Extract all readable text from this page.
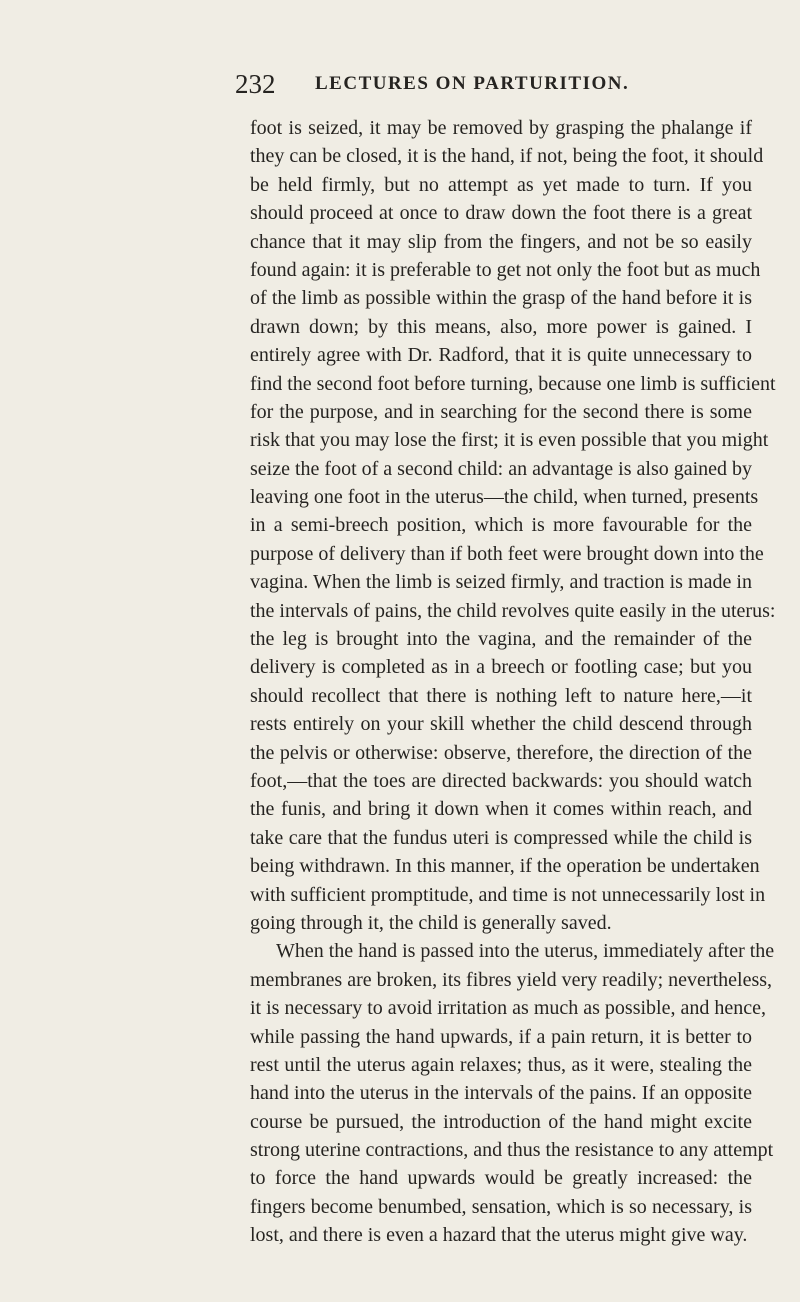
232 LECTURES ON PARTURITION.
foot is seized, it may be removed by grasping the phalange if
they can be closed, it is the hand, if not, being the foot, it should
be held firmly, but no attempt as yet made to turn. If you
should proceed at once to draw down the foot there is a great
chance that it may slip from the fingers, and not be so easily
found again: it is preferable to get not only the foot but as much
of the limb as possible within the grasp of the hand before it is
drawn down; by this means, also, more power is gained. I
entirely agree with Dr. Radford, that it is quite unnecessary to
find the second foot before turning, because one limb is sufficient
for the purpose, and in searching for the second there is some
risk that you may lose the first; it is even possible that you might
seize the foot of a second child: an advantage is also gained by
leaving one foot in the uterus—the child, when turned, presents
in a semi-breech position, which is more favourable for the
purpose of delivery than if both feet were brought down into the
vagina. When the limb is seized firmly, and traction is made in
the intervals of pains, the child revolves quite easily in the uterus:
the leg is brought into the vagina, and the remainder of the
delivery is completed as in a breech or footling case; but you
should recollect that there is nothing left to nature here,—it
rests entirely on your skill whether the child descend through
the pelvis or otherwise: observe, therefore, the direction of the
foot,—that the toes are directed backwards: you should watch
the funis, and bring it down when it comes within reach, and
take care that the fundus uteri is compressed while the child is
being withdrawn. In this manner, if the operation be undertaken
with sufficient promptitude, and time is not unnecessarily lost in
going through it, the child is generally saved.
When the hand is passed into the uterus, immediately after the
membranes are broken, its fibres yield very readily; nevertheless,
it is necessary to avoid irritation as much as possible, and hence,
while passing the hand upwards, if a pain return, it is better to
rest until the uterus again relaxes; thus, as it were, stealing the
hand into the uterus in the intervals of the pains. If an opposite
course be pursued, the introduction of the hand might excite
strong uterine contractions, and thus the resistance to any attempt
to force the hand upwards would be greatly increased: the
fingers become benumbed, sensation, which is so necessary, is
lost, and there is even a hazard that the uterus might give way.
